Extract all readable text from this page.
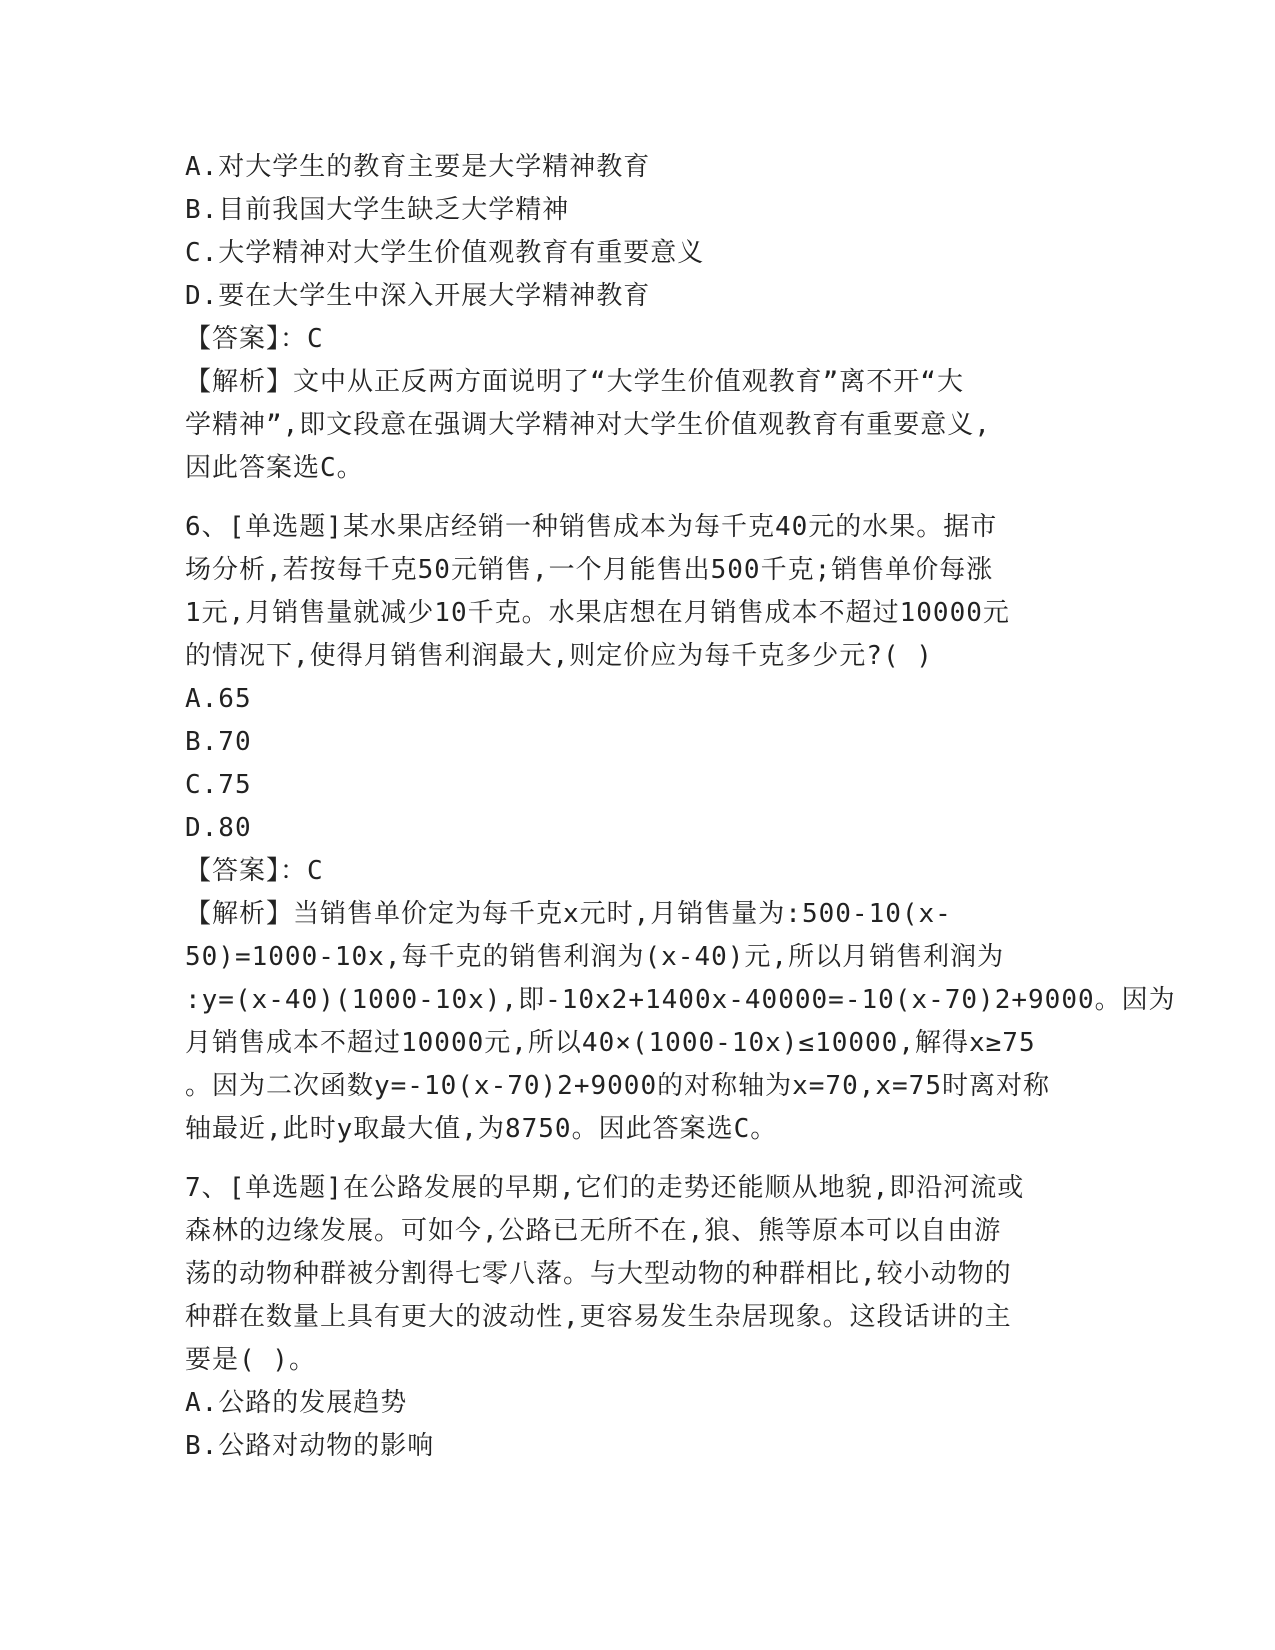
A.对大学生的教育主要是大学精神教育
B.目前我国大学生缺乏大学精神
C.大学精神对大学生价值观教育有重要意义
D.要在大学生中深入开展大学精神教育
【答案】：C
【解析】文中从正反两方面说明了“大学生价值观教育”离不开“大
学精神”,即文段意在强调大学精神对大学生价值观教育有重要意义,
因此答案选C。
6、[单选题]某水果店经销一种销售成本为每千克40元的水果。据市
场分析,若按每千克50元销售,一个月能售出500千克;销售单价每涨
1元,月销售量就减少10千克。水果店想在月销售成本不超过10000元
的情况下,使得月销售利润最大,则定价应为每千克多少元?( )
A.65
B.70
C.75
D.80
【答案】：C
【解析】当销售单价定为每千克x元时,月销售量为:500-10(x-
50)=1000-10x,每千克的销售利润为(x-40)元,所以月销售利润为
:y=(x-40)(1000-10x),即-10x2+1400x-40000=-10(x-70)2+9000。因为
月销售成本不超过10000元,所以40×(1000-10x)≤10000,解得x≥75
。因为二次函数y=-10(x-70)2+9000的对称轴为x=70,x=75时离对称
轴最近,此时y取最大值,为8750。因此答案选C。
7、[单选题]在公路发展的早期,它们的走势还能顺从地貌,即沿河流或
森林的边缘发展。可如今,公路已无所不在,狼、熊等原本可以自由游
荡的动物种群被分割得七零八落。与大型动物的种群相比,较小动物的
种群在数量上具有更大的波动性,更容易发生杂居现象。这段话讲的主
要是( )。
A.公路的发展趋势
B.公路对动物的影响
